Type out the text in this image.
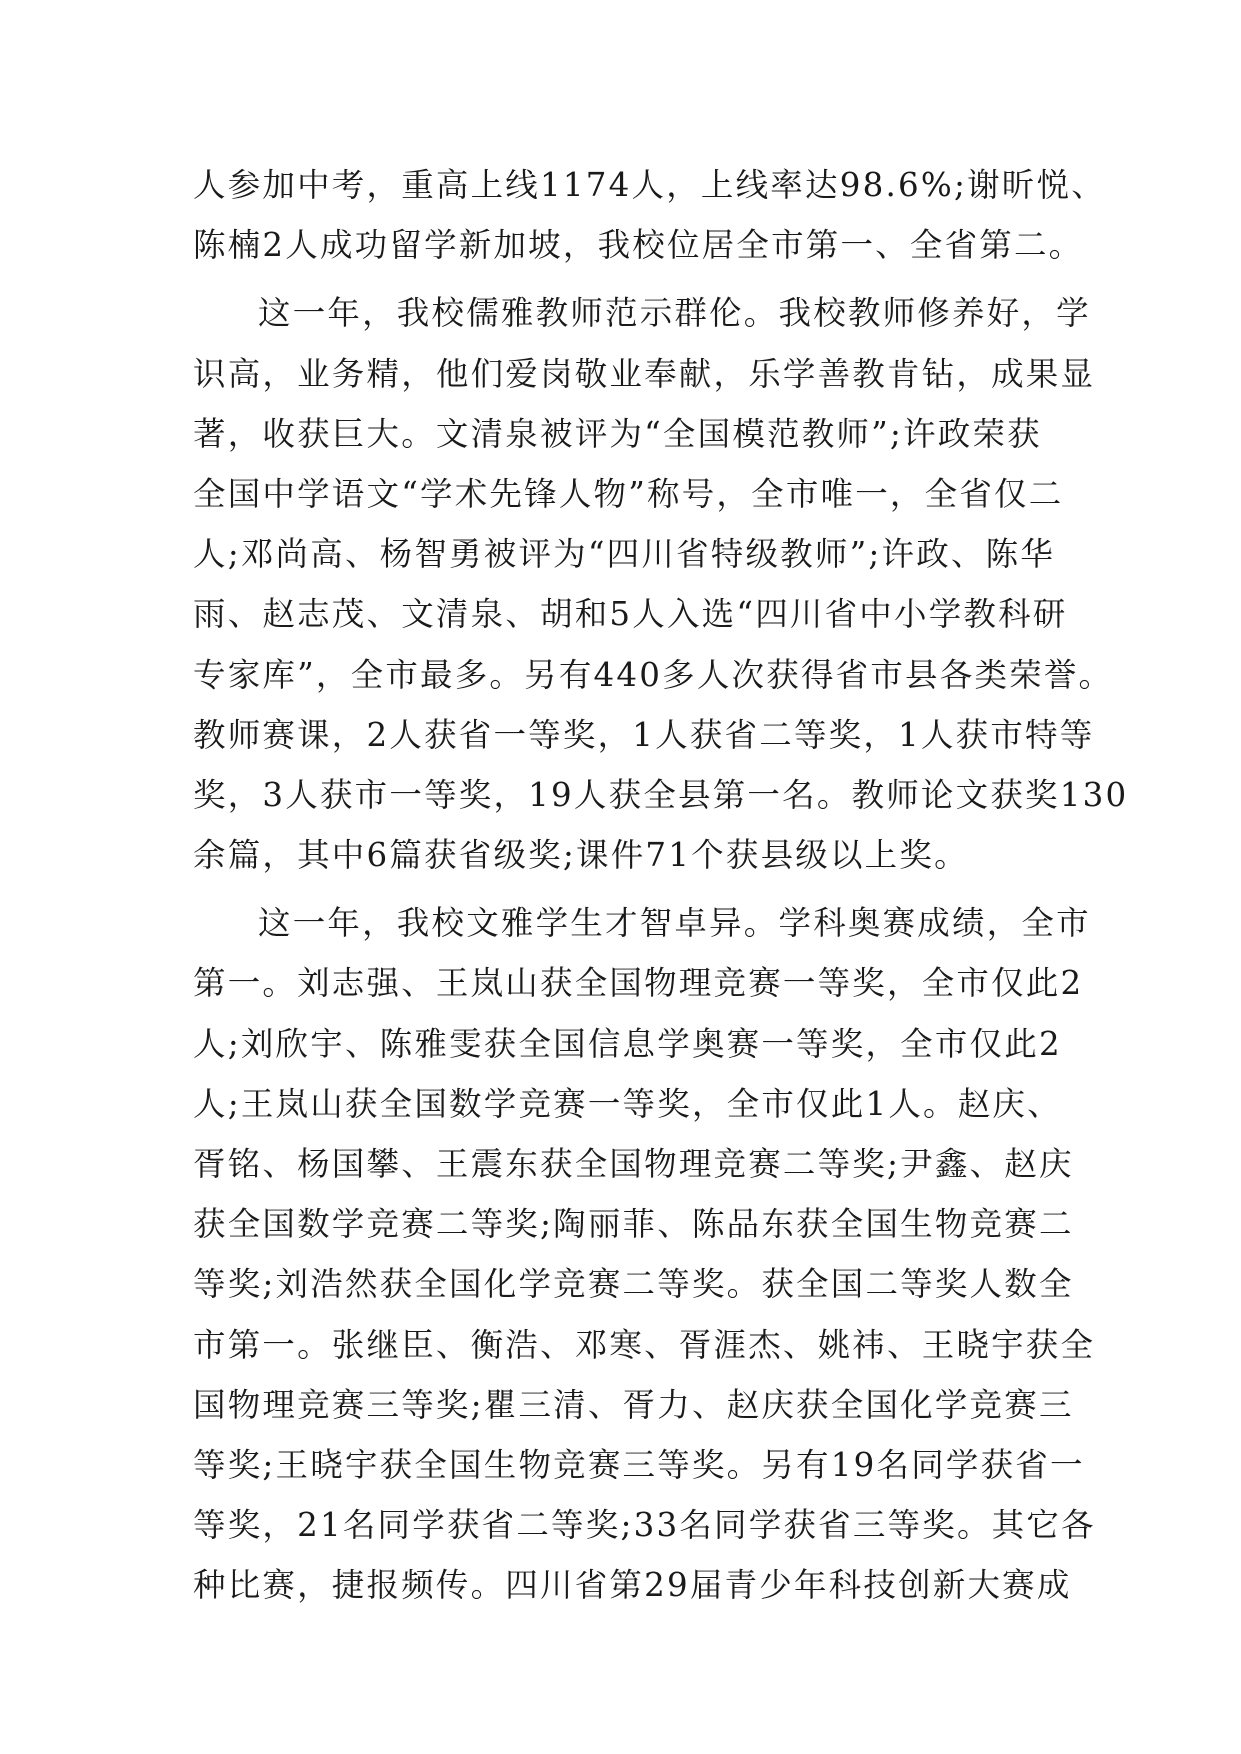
人参加中考，重高上线1174人，上线率达98.6%;谢昕悦、
陈楠2人成功留学新加坡，我校位居全市第一、全省第二。
这一年，我校儒雅教师范示群伦。我校教师修养好，学
识高，业务精，他们爱岗敬业奉献，乐学善教肯钻，成果显
著，收获巨大。文清泉被评为“全国模范教师”;许政荣获
全国中学语文“学术先锋人物”称号，全市唯一，全省仅二
人;邓尚高、杨智勇被评为“四川省特级教师”;许政、陈华
雨、赵志茂、文清泉、胡和5人入选“四川省中小学教科研
专家库”，全市最多。另有440多人次获得省市县各类荣誉。
教师赛课，2人获省一等奖，1人获省二等奖，1人获市特等
奖，3人获市一等奖，19人获全县第一名。教师论文获奖130
余篇，其中6篇获省级奖;课件71个获县级以上奖。
这一年，我校文雅学生才智卓异。学科奥赛成绩，全市
第一。刘志强、王岚山获全国物理竞赛一等奖，全市仅此2
人;刘欣宇、陈雅雯获全国信息学奥赛一等奖，全市仅此2
人;王岚山获全国数学竞赛一等奖，全市仅此1人。赵庆、
胥铭、杨国攀、王震东获全国物理竞赛二等奖;尹鑫、赵庆
获全国数学竞赛二等奖;陶丽菲、陈品东获全国生物竞赛二
等奖;刘浩然获全国化学竞赛二等奖。获全国二等奖人数全
市第一。张继臣、衡浩、邓寒、胥涯杰、姚祎、王晓宇获全
国物理竞赛三等奖;瞿三清、胥力、赵庆获全国化学竞赛三
等奖;王晓宇获全国生物竞赛三等奖。另有19名同学获省一
等奖，21名同学获省二等奖;33名同学获省三等奖。其它各
种比赛，捷报频传。四川省第29届青少年科技创新大赛成
